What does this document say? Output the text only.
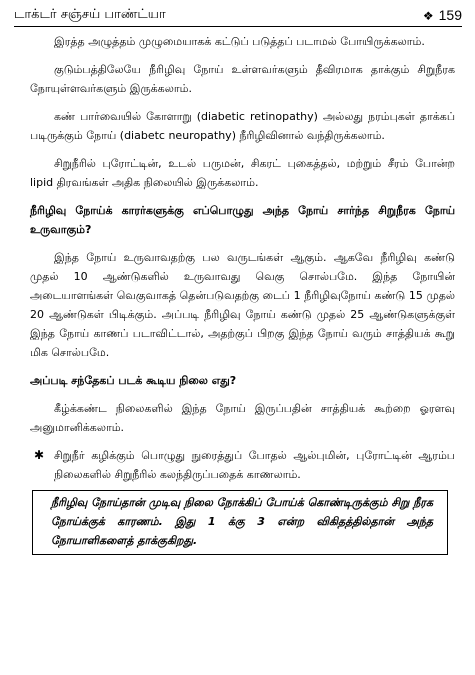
டாக்டர் சஞ்சய் பாண்ட்யா	❖ 159

இரத்த அழுத்தம் முழுமையாகக் கட்டுப் படுத்தப் படாமல் போயிருக்கலாம்.

குடும்பத்திலேயே நீரிழிவு நோய் உள்ளவர்களும் தீவிரமாக தாக்கும் சிறுநீரக நோயுள்ளவர்களும் இருக்கலாம்.

கண் பார்வையில் கோளாறு (diabetic retinopathy) அல்லது நரம்புகள் தாக்கப் படிருக்கும் நோய் (diabetc neuropathy) நீரிழிவினால் வந்திருக்கலாம்.

சிறுநீரில் புரோட்டின், உடல் பருமன், சிகரட் புகைத்தல், மற்றும் சீரம் போன்ற lipid திரவங்கள் அதிக நிலையில் இருக்கலாம்.

நீரிழிவு நோய்க் காரர்களுக்கு எப்பொழுது அந்த நோய் சார்ந்த சிறுநீரக நோய் உருவாகும்?

இந்த நோய் உருவாவதற்கு பல வருடங்கள் ஆகும். ஆகவே நீரிழிவு கண்டு முதல் 10 ஆண்டுகளில் உருவாவது வெகு சொல்பமே. இந்த நோயின் அடையாளங்கள் வெகுவாகத் தென்படுவதற்கு டைப் 1 நீரிழிவுநோய் கண்டு 15 முதல் 20 ஆண்டுகள் பிடிக்கும். அப்படி நீரிழிவு நோய் கண்டு முதல் 25 ஆண்டுகளுக்குள் இந்த நோய் காணப் படாவிட்டால், அதற்குப் பிறகு இந்த நோய் வரும் சாத்தியக் கூறு மிக சொல்பமே.

அப்படி சந்தேகப் படக் கூடிய நிலை எது?

கீழ்க்கண்ட நிலைகளில் இந்த நோய் இருப்பதின் சாத்தியக் கூற்றை ஓரளவு அனுமானிக்கலாம்.

✱ சிறுநீர் கழிக்கும் பொழுது நுரைத்துப் போதல் ஆல்புமின், புரோட்டின் ஆரம்ப நிலைகளில் சிறுநீரில் கலந்திருப்பதைக் காணலாம்.
நீரிழிவு நோய்தான் முடிவு நிலை நோக்கிப் போய்க் கொண்டிருக்கும் சிறு நீரக நோய்க்குக் காரணம். இது 1 க்கு 3 என்ற விகிதத்தில்தான் அந்த நோயாளிகளைத் தாக்குகிறது.
